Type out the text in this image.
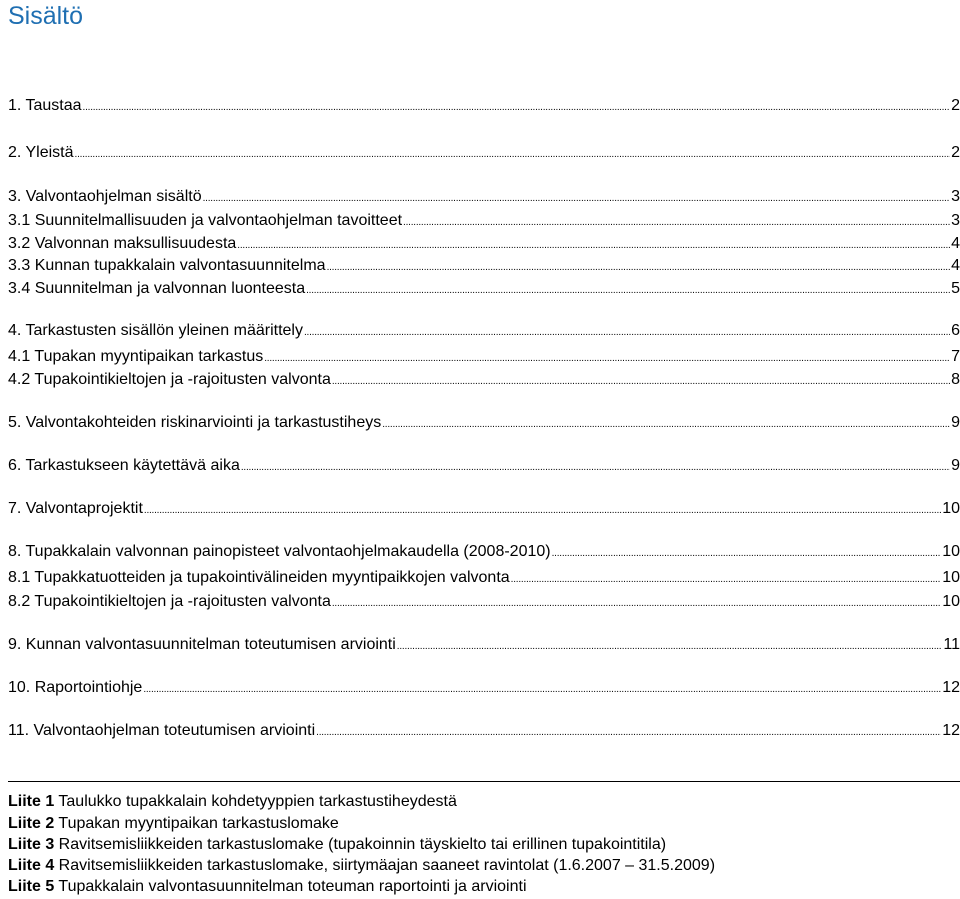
Sisältö
1. Taustaa . . .	2
2. Yleistä . . .	2
3. Valvontaohjelman sisältö . . .	3
3.1 Suunnitelmallisuuden ja valvontaohjelman tavoitteet . . .	3
3.2 Valvonnan maksullisuudesta . . .	4
3.3 Kunnan tupakkalain valvontasuunnitelma . . .	4
3.4 Suunnitelman ja valvonnan luonteesta . . .	5
4. Tarkastusten sisällön yleinen määrittely . . .	6
4.1 Tupakan myyntipaikan tarkastus . . .	7
4.2 Tupakointikieltojen ja -rajoitusten valvonta . . .	8
5. Valvontakohteiden riskinarviointi ja tarkastustiheys . . .	9
6. Tarkastukseen käytettävä aika . . .	9
7. Valvontaprojektit . . .	10
8. Tupakkalain valvonnan painopisteet valvontaohjelmakaudella (2008-2010) . . .	10
8.1 Tupakkatuotteiden ja tupakointivälineiden myyntipaikkojen valvonta . . .	10
8.2 Tupakointikieltojen ja -rajoitusten valvonta . . .	10
9. Kunnan valvontasuunnitelman toteutumisen arviointi . . .	11
10. Raportointiohje . . .	12
11. Valvontaohjelman toteutumisen arviointi . . .	12
Liite 1 Taulukko tupakkalain kohdetyyppien tarkastustiheydestä
Liite 2 Tupakan myyntipaikan tarkastuslomake
Liite 3 Ravitsemisliikkeiden tarkastuslomake (tupakoinnin täyskielto tai erillinen tupakointitila)
Liite 4 Ravitsemisliikkeiden tarkastuslomake, siirtymäajan saaneet ravintolat (1.6.2007 – 31.5.2009)
Liite 5 Tupakkalain valvontasuunnitelman toteuman raportointi ja arviointi
